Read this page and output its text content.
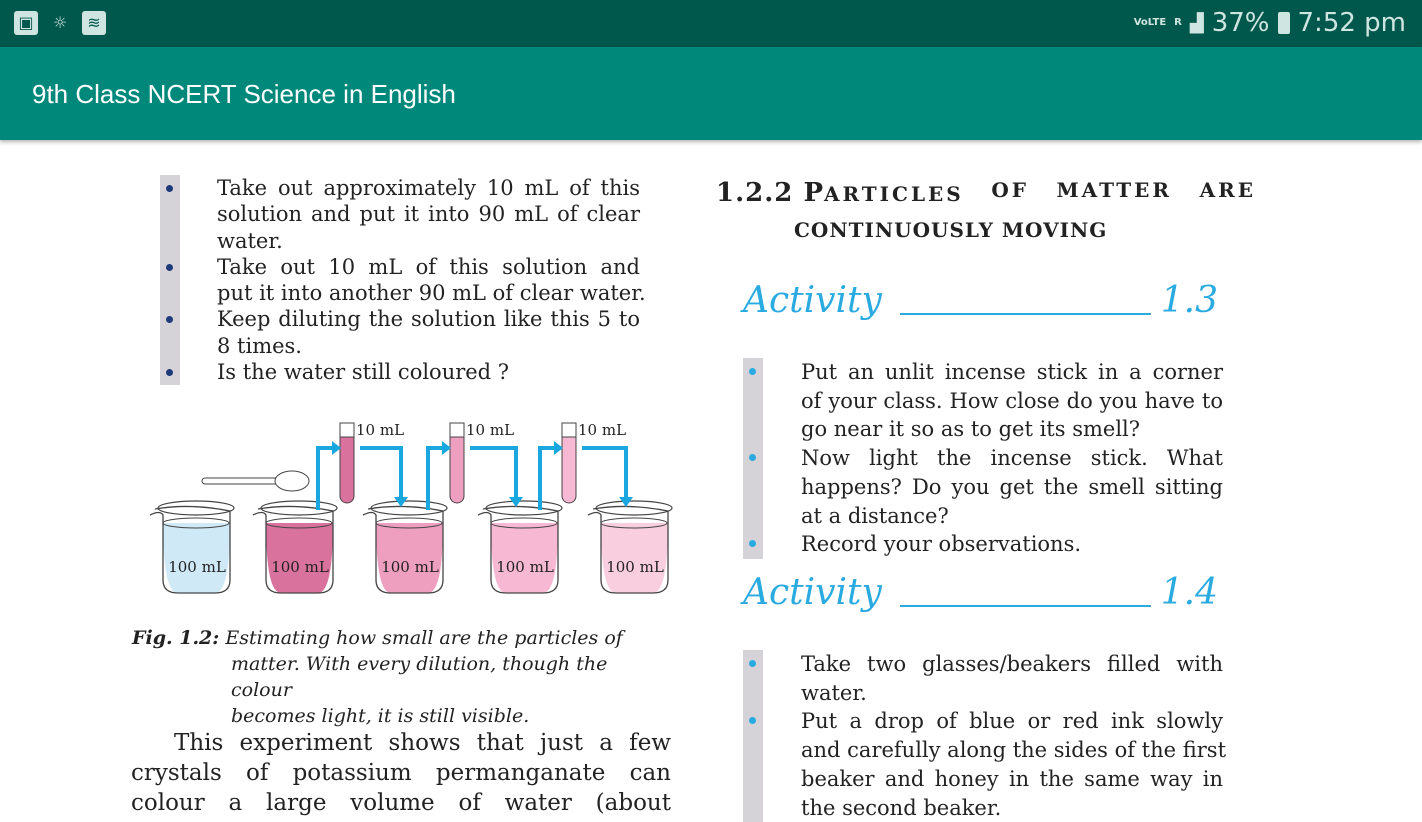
▣	☼	≋	VoLTE R ▟ 37% 7:52 pm
9th Class NCERT Science in English
Take out approximately 10 mL of this
solution and put it into 90 mL of clear
water.
Take out 10 mL of this solution and
put it into another 90 mL of clear water.
Keep diluting the solution like this 5 to
8 times.
Is the water still coloured ?
100 mL	100 mL	100 mL	100 mL	100 mL
10 mL	10 mL	10 mL
Fig. 1.2: Estimating how small are the particles of
matter. With every dilution, though the colour
becomes light, it is still visible.
This experiment shows that just a few
crystals of potassium permanganate can
colour a large volume of water (about
1.2.2 PARTICLES OF MATTER ARE
CONTINUOUSLY MOVING
Activity	1.3
Put an unlit incense stick in a corner
of your class. How close do you have to
go near it so as to get its smell?
Now light the incense stick. What
happens? Do you get the smell sitting
at a distance?
Record your observations.
Activity	1.4
Take two glasses/beakers filled with
water.
Put a drop of blue or red ink slowly
and carefully along the sides of the first
beaker and honey in the same way in
the second beaker.
